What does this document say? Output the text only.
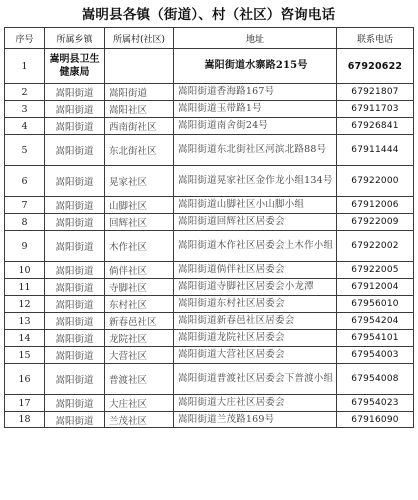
嵩明县各镇（街道）、村（社区）咨询电话
序号	所属乡镇	所属村(社区)	地址	联系电话
1	嵩明县卫生健康局		嵩阳街道水寨路215号	67920622
2	嵩阳街道	嵩阳街道	嵩阳街道香海路167号	67921807
3	嵩阳街道	嵩阳社区	嵩阳街道玉带路1号	67911703
4	嵩阳街道	西南街社区	嵩阳街道南舍街24号	67926841
5	嵩阳街道	东北街社区	嵩阳街道东北街社区河滨北路88号	67911444
6	嵩阳街道	晃家社区	嵩阳街道晃家社区金作龙小组134号	67922000
7	嵩阳街道	山脚社区	嵩阳街道山脚社区小山脚小组	67912006
8	嵩阳街道	回辉社区	嵩阳街道回辉社区居委会	67922009
9	嵩阳街道	木作社区	嵩阳街道木作社区居委会上木作小组	67922002
10	嵩阳街道	倘伴社区	嵩阳街道倘伴社区居委会	67922005
11	嵩阳街道	寺脚社区	嵩阳街道寺脚社区居委会小龙潭	67912004
12	嵩阳街道	东村社区	嵩阳街道东村社区居委会	67956010
13	嵩阳街道	新春邑社区	嵩阳街道新春邑社区居委会	67954204
14	嵩阳街道	龙院社区	嵩阳街道龙院社区居委会	67954101
15	嵩阳街道	大营社区	嵩阳街道大营社区居委会	67954003
16	嵩阳街道	普渡社区	嵩阳街道普渡社区居委会下普渡小组	67954008
17	嵩阳街道	大庄社区	嵩阳街道大庄社区居委会	67954023
18	嵩阳街道	兰茂社区	嵩阳街道兰茂路169号	67916090
